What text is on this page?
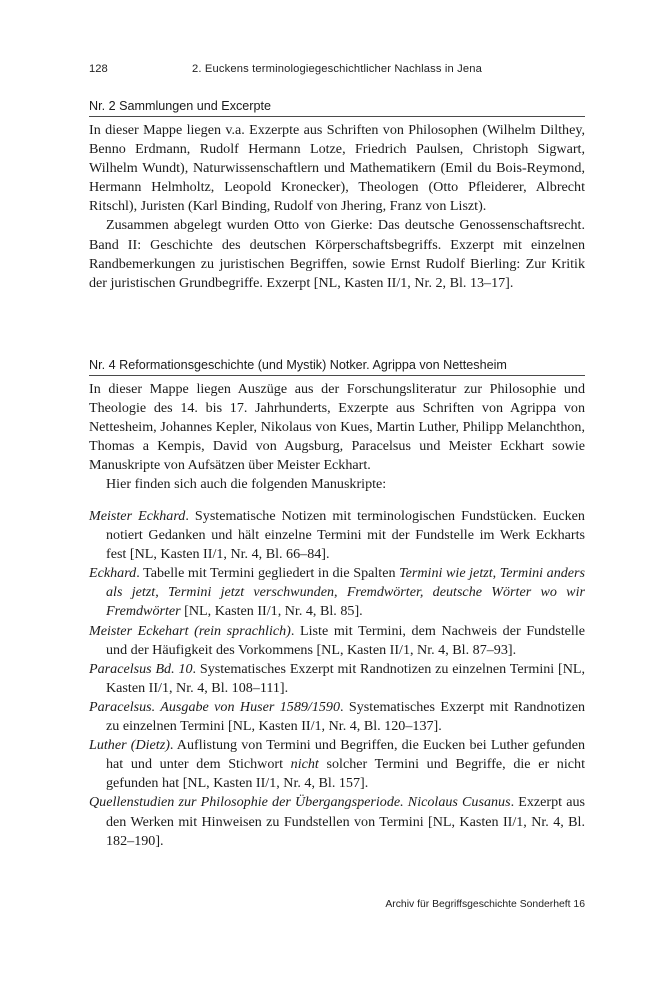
128	2. Euckens terminologiegeschichtlicher Nachlass in Jena
Nr. 2 Sammlungen und Excerpte

In dieser Mappe liegen v.a. Exzerpte aus Schriften von Philosophen (Wilhelm Dilthey, Benno Erdmann, Rudolf Hermann Lotze, Friedrich Paulsen, Christoph Sigwart, Wilhelm Wundt), Naturwissenschaftlern und Mathematikern (Emil du Bois-Reymond, Hermann Helmholtz, Leopold Kronecker), Theologen (Otto Pfleiderer, Albrecht Ritschl), Juristen (Karl Binding, Rudolf von Jhering, Franz von Liszt).

Zusammen abgelegt wurden Otto von Gierke: Das deutsche Genossenschaftsrecht. Band II: Geschichte des deutschen Körperschaftsbegriffs. Exzerpt mit einzelnen Randbemerkungen zu juristischen Begriffen, sowie Ernst Rudolf Bierling: Zur Kritik der juristischen Grundbegriffe. Exzerpt [NL, Kasten II/1, Nr. 2, Bl. 13–17].

Nr. 4 Reformationsgeschichte (und Mystik) Notker. Agrippa von Nettesheim

In dieser Mappe liegen Auszüge aus der Forschungsliteratur zur Philosophie und Theologie des 14. bis 17. Jahrhunderts, Exzerpte aus Schriften von Agrippa von Nettesheim, Johannes Kepler, Nikolaus von Kues, Martin Luther, Philipp Melanchthon, Thomas a Kempis, David von Augsburg, Paracelsus und Meister Eckhart sowie Manuskripte von Aufsätzen über Meister Eckhart.

Hier finden sich auch die folgenden Manuskripte:

Meister Eckhard. Systematische Notizen mit terminologischen Fundstücken. Eucken notiert Gedanken und hält einzelne Termini mit der Fundstelle im Werk Eckharts fest [NL, Kasten II/1, Nr. 4, Bl. 66–84].

Eckhard. Tabelle mit Termini gegliedert in die Spalten Termini wie jetzt, Termini anders als jetzt, Termini jetzt verschwunden, Fremdwörter, deutsche Wörter wo wir Fremdwörter [NL, Kasten II/1, Nr. 4, Bl. 85].

Meister Eckehart (rein sprachlich). Liste mit Termini, dem Nachweis der Fundstelle und der Häufigkeit des Vorkommens [NL, Kasten II/1, Nr. 4, Bl. 87–93].

Paracelsus Bd. 10. Systematisches Exzerpt mit Randnotizen zu einzelnen Termini [NL, Kasten II/1, Nr. 4, Bl. 108–111].

Paracelsus. Ausgabe von Huser 1589/1590. Systematisches Exzerpt mit Randnotizen zu einzelnen Termini [NL, Kasten II/1, Nr. 4, Bl. 120–137].

Luther (Dietz). Auflistung von Termini und Begriffen, die Eucken bei Luther gefunden hat und unter dem Stichwort nicht solcher Termini und Begriffe, die er nicht gefunden hat [NL, Kasten II/1, Nr. 4, Bl. 157].

Quellenstudien zur Philosophie der Übergangsperiode. Nicolaus Cusanus. Exzerpt aus den Werken mit Hinweisen zu Fundstellen von Termini [NL, Kasten II/1, Nr. 4, Bl. 182–190].

Archiv für Begriffsgeschichte Sonderheft 16
